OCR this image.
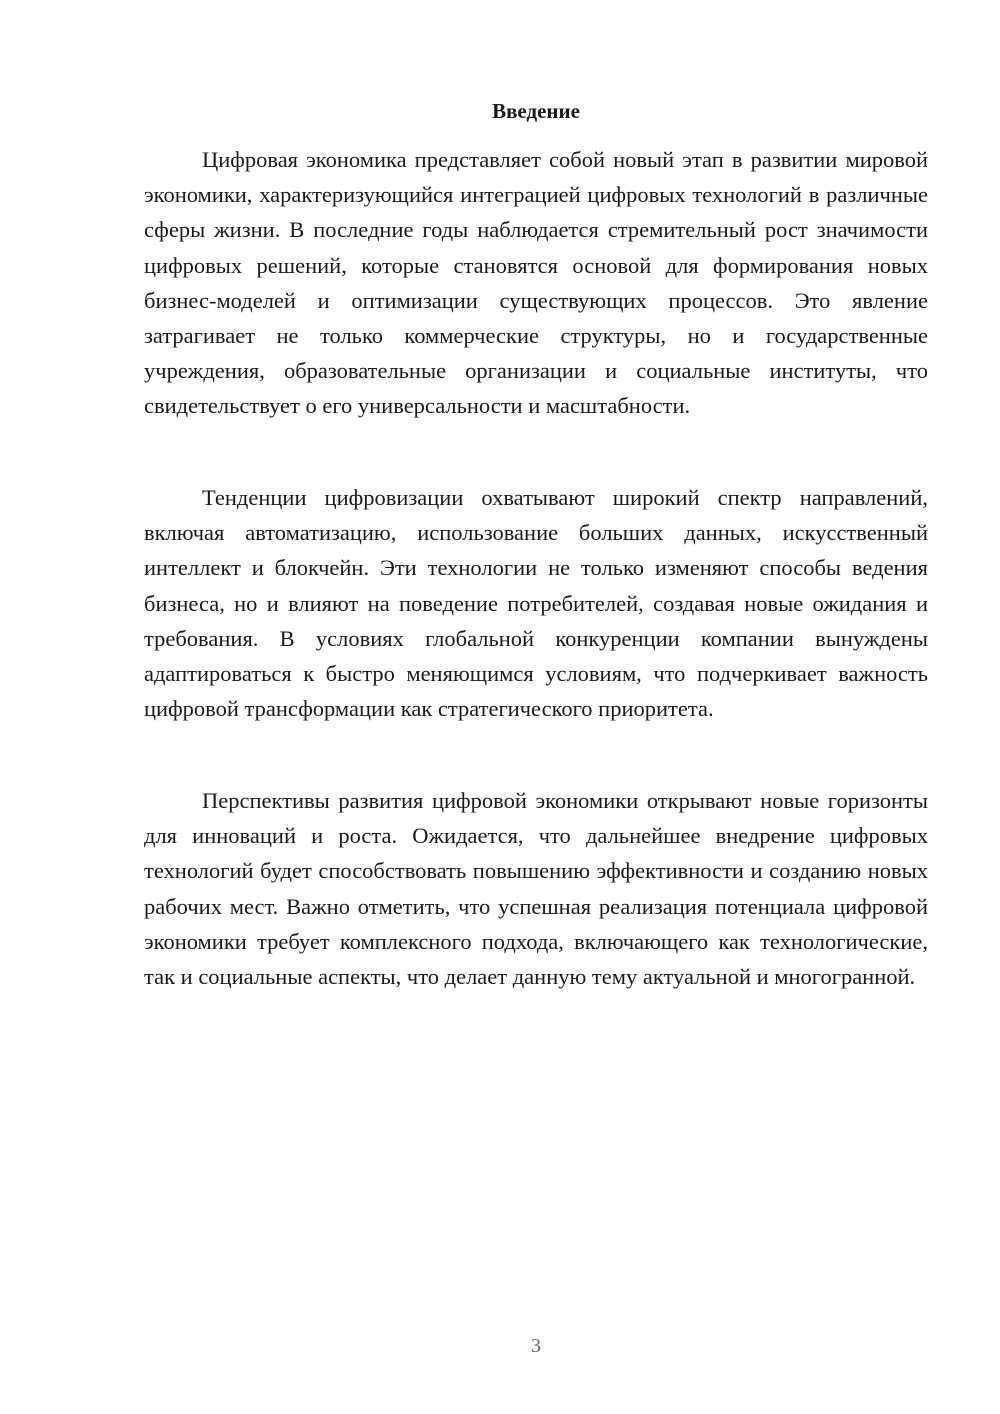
Введение

Цифровая экономика представляет собой новый этап в развитии мировой экономики, характеризующийся интеграцией цифровых технологий в различные сферы жизни. В последние годы наблюдается стремительный рост значимости цифровых решений, которые становятся основой для формирования новых бизнес-моделей и оптимизации существующих процессов. Это явление затрагивает не только коммерческие структуры, но и государственные учреждения, образовательные организации и социальные институты, что свидетельствует о его универсальности и масштабности.

Тенденции цифровизации охватывают широкий спектр направлений, включая автоматизацию, использование больших данных, искусственный интеллект и блокчейн. Эти технологии не только изменяют способы ведения бизнеса, но и влияют на поведение потребителей, создавая новые ожидания и требования. В условиях глобальной конкуренции компании вынуждены адаптироваться к быстро меняющимся условиям, что подчеркивает важность цифровой трансформации как стратегического приоритета.

Перспективы развития цифровой экономики открывают новые горизонты для инноваций и роста. Ожидается, что дальнейшее внедрение цифровых технологий будет способствовать повышению эффективности и созданию новых рабочих мест. Важно отметить, что успешная реализация потенциала цифровой экономики требует комплексного подхода, включающего как технологические, так и социальные аспекты, что делает данную тему актуальной и многогранной.

3
